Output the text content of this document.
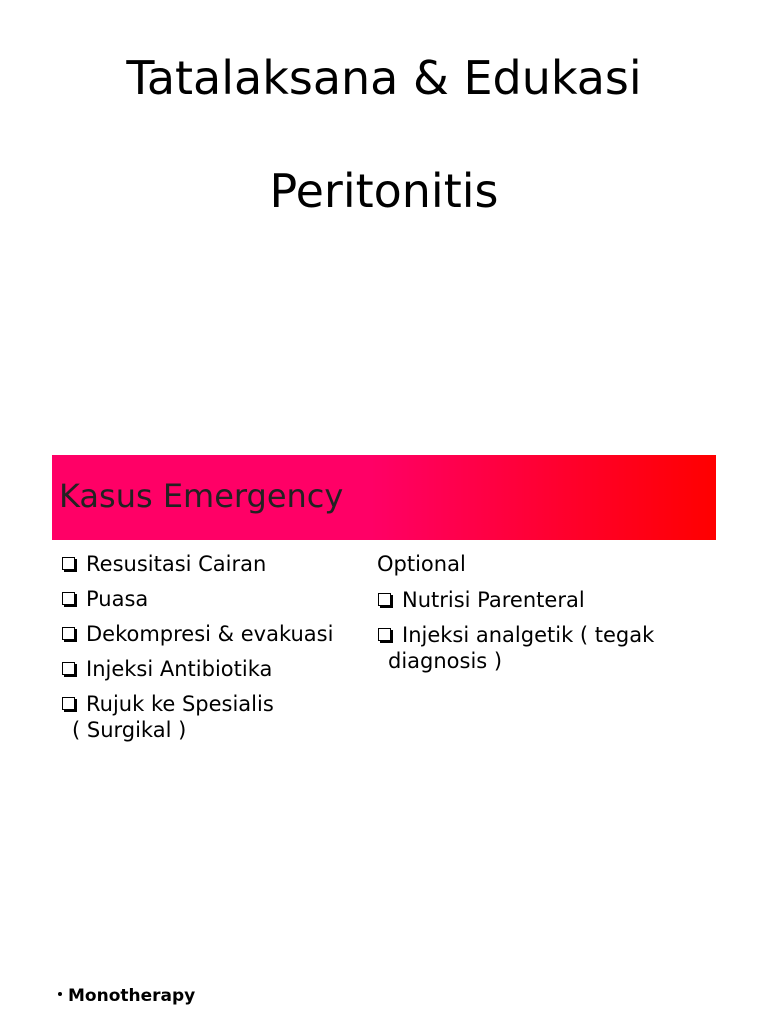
Tatalaksana & Edukasi
Peritonitis
Kasus Emergency
Resusitasi Cairan
Puasa
Dekompresi & evakuasi
Injeksi Antibiotika
Rujuk ke Spesialis
( Surgikal )
Optional
Nutrisi Parenteral
Injeksi analgetik ( tegak
diagnosis )
Monotherapy
